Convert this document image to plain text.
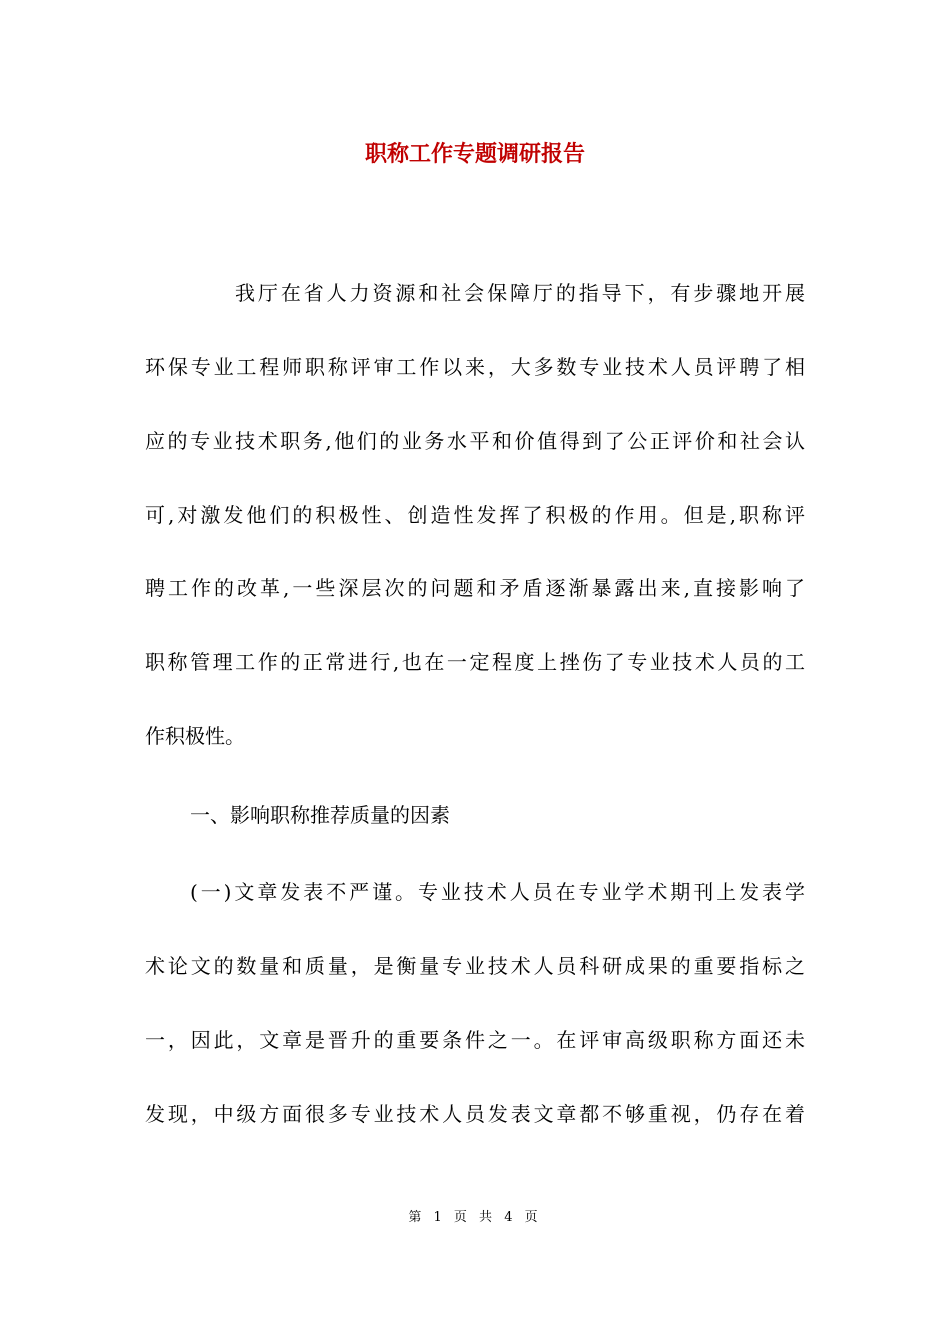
职称工作专题调研报告
我厅在省人力资源和社会保障厅的指导下，有步骤地开展
环保专业工程师职称评审工作以来，大多数专业技术人员评聘了相
应的专业技术职务,他们的业务水平和价值得到了公正评价和社会认
可,对激发他们的积极性、创造性发挥了积极的作用。但是,职称评
聘工作的改革,一些深层次的问题和矛盾逐渐暴露出来,直接影响了
职称管理工作的正常进行,也在一定程度上挫伤了专业技术人员的工
作积极性。
一、影响职称推荐质量的因素
(一)文章发表不严谨。专业技术人员在专业学术期刊上发表学
术论文的数量和质量，是衡量专业技术人员科研成果的重要指标之
一，因此，文章是晋升的重要条件之一。在评审高级职称方面还未
发现，中级方面很多专业技术人员发表文章都不够重视，仍存在着
第 1 页 共 4 页
